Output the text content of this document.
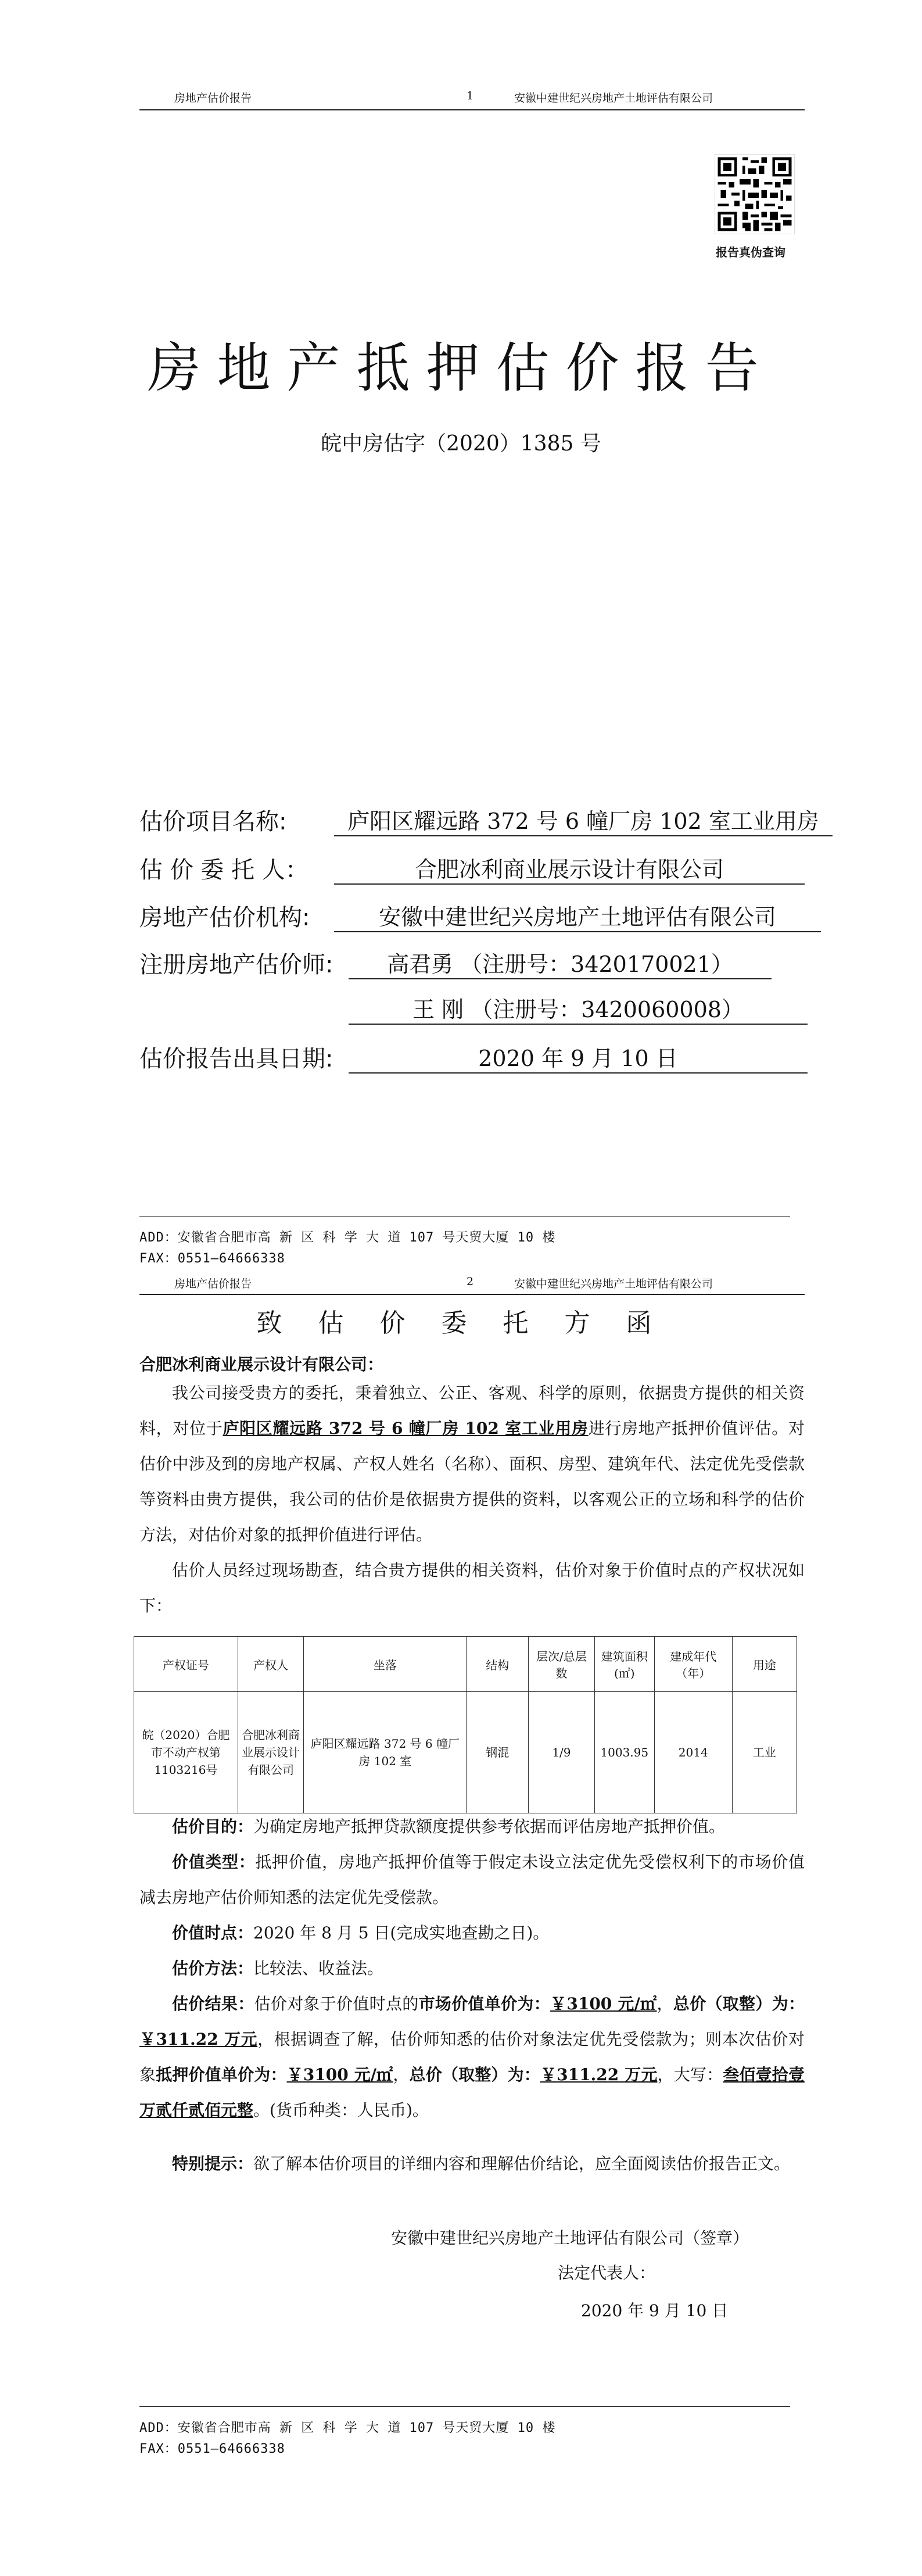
房地产估价报告	1	安徽中建世纪兴房地产土地评估有限公司
报告真伪查询
房地产抵押估价报告
皖中房估字（2020）1385 号
估价项目名称:	庐阳区耀远路 372 号 6 幢厂房 102 室工业用房
估 价 委 托 人：	合肥冰利商业展示设计有限公司
房地产估价机构:	安徽中建世纪兴房地产土地评估有限公司
注册房地产估价师:	高君勇 （注册号：3420170021）
王 刚 （注册号：3420060008）
估价报告出具日期:	2020 年 9 月 10 日
ADD：安徽省合肥市高 新 区 科 学 大 道 107 号天贸大厦 10 楼
FAX：0551—64666338
房地产估价报告	2	安徽中建世纪兴房地产土地评估有限公司
致 估 价 委 托 方 函
合肥冰利商业展示设计有限公司：
我公司接受贵方的委托，秉着独立、公正、客观、科学的原则，依据贵方提供的相关资料，对位于庐阳区耀远路 372 号 6 幢厂房 102 室工业用房进行房地产抵押价值评估。对估价中涉及到的房地产权属、产权人姓名（名称）、面积、房型、建筑年代、法定优先受偿款等资料由贵方提供，我公司的估价是依据贵方提供的资料，以客观公正的立场和科学的估价方法，对估价对象的抵押价值进行评估。
估价人员经过现场勘查，结合贵方提供的相关资料，估价对象于价值时点的产权状况如下：
产权证号	产权人	坐落	结构	层次/总层数	建筑面积(㎡)	建成年代（年）	用途
皖（2020）合肥市不动产权第1103216号	合肥冰利商业展示设计有限公司	庐阳区耀远路 372 号 6 幢厂房 102 室	钢混	1/9	1003.95	2014	工业
估价目的：为确定房地产抵押贷款额度提供参考依据而评估房地产抵押价值。
价值类型：抵押价值，房地产抵押价值等于假定未设立法定优先受偿权利下的市场价值减去房地产估价师知悉的法定优先受偿款。
价值时点：2020 年 8 月 5 日(完成实地查勘之日)。
估价方法：比较法、收益法。
估价结果：估价对象于价值时点的市场价值单价为：￥3100 元/㎡，总价（取整）为：￥311.22 万元，根据调查了解，估价师知悉的估价对象法定优先受偿款为；则本次估价对象抵押价值单价为：￥3100 元/㎡，总价（取整）为：￥311.22 万元，大写：叁佰壹拾壹万贰仟贰佰元整。(货币种类：人民币)。
特别提示：欲了解本估价项目的详细内容和理解估价结论，应全面阅读估价报告正文。
安徽中建世纪兴房地产土地评估有限公司（签章）
法定代表人：
2020 年 9 月 10 日
ADD：安徽省合肥市高 新 区 科 学 大 道 107 号天贸大厦 10 楼
FAX：0551—64666338
